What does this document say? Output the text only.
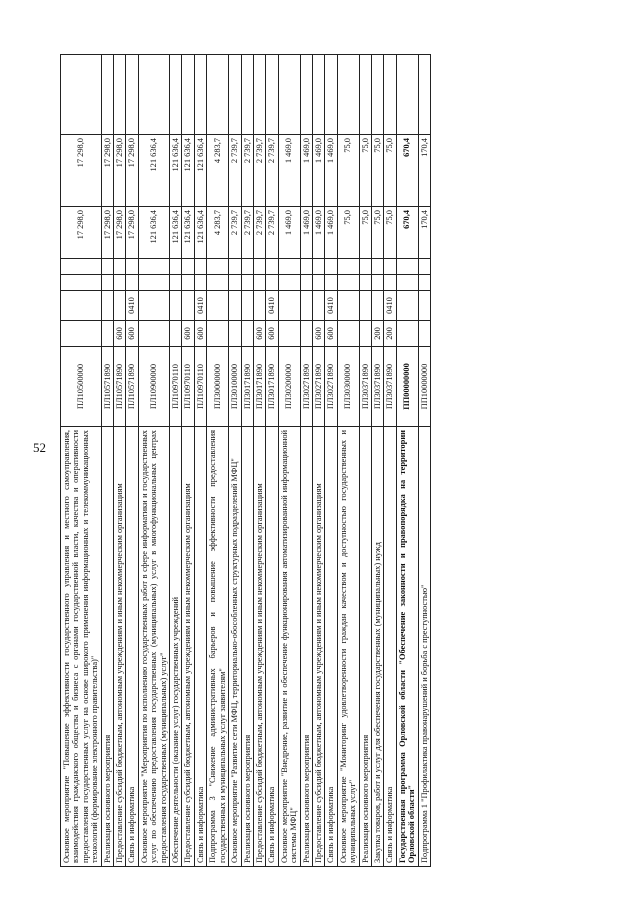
52 Основное мероприятие "Повышение эффективности государственного управления и местного самоуправления, взаимодействия гражданского общества и бизнеса с органами государственной власти, качества и оперативности предоставления государственных услуг на основе широкого применения информационных и телекоммуникационных технологий (формирование электронного правительства)"	ПЛ10500000					17 298,0	17 298,0	
Реализация основного мероприятия	ПЛ10571890					17 298,0	17 298,0	
Предоставление субсидий бюджетным, автономным учреждениям и иным некоммерческим организациям	ПЛ10571890	600				17 298,0	17 298,0	
Связь и информатика	ПЛ10571890	600	0410			17 298,0	17 298,0	
Основное мероприятие "Мероприятия по исполнению государственных работ в сфере информатики и государственных услуг по обеспечению предоставления государственных (муниципальных) услуг в многофункциональных центрах предоставления государственных (муниципальных) услуг"	ПЛ10900000					121 636,4	121 636,4	
Обеспечение деятельности (оказание услуг) государственных учреждений	ПЛ10970110					121 636,4	121 636,4	
Предоставление субсидий бюджетным, автономным учреждениям и иным некоммерческим организациям	ПЛ10970110	600				121 636,4	121 636,4	
Связь и информатика	ПЛ10970110	600	0410			121 636,4	121 636,4	
Подпрограмма 3 "Снижение административных барьеров и повышение эффективности предоставления государственных и муниципальных услуг заявителям"	ПЛ30000000					4 283,7	4 283,7	
Основное мероприятие "Развитие сети МФЦ, территориально-обособленных структурных подразделений МФЦ"	ПЛ30100000					2 739,7	2 739,7	
Реализация основного мероприятия	ПЛ30171890					2 739,7	2 739,7	
Предоставление субсидий бюджетным, автономным учреждениям и иным некоммерческим организациям	ПЛ30171890	600				2 739,7	2 739,7	
Связь и информатика	ПЛ30171890	600	0410			2 739,7	2 739,7	
Основное мероприятие "Внедрение, развитие и обеспечение функционирования автоматизированной информационной системы МФЦ"	ПЛ30200000					1 469,0	1 469,0	
Реализация основного мероприятия	ПЛ30271890					1 469,0	1 469,0	
Предоставление субсидий бюджетным, автономным учреждениям и иным некоммерческим организациям	ПЛ30271890	600				1 469,0	1 469,0	
Связь и информатика	ПЛ30271890	600	0410			1 469,0	1 469,0	
Основное мероприятие "Мониторинг удовлетворенности граждан качеством и доступностью государственных и муниципальных услуг"	ПЛ30300000					75,0	75,0	
Реализация основного мероприятия	ПЛ30371890					75,0	75,0	
Закупка товаров, работ и услуг для обеспечения государственных (муниципальных) нужд	ПЛ30371890	200				75,0	75,0	
Связь и информатика	ПЛ30371890	200	0410			75,0	75,0	
Государственная программа Орловской области "Обеспечение законности и правопорядка на территории Орловской области"	ПП00000000					670,4	670,4	
Подпрограмма 1 "Профилактика правонарушений и борьба с преступностью"	ПП10000000					170,4	170,4	
